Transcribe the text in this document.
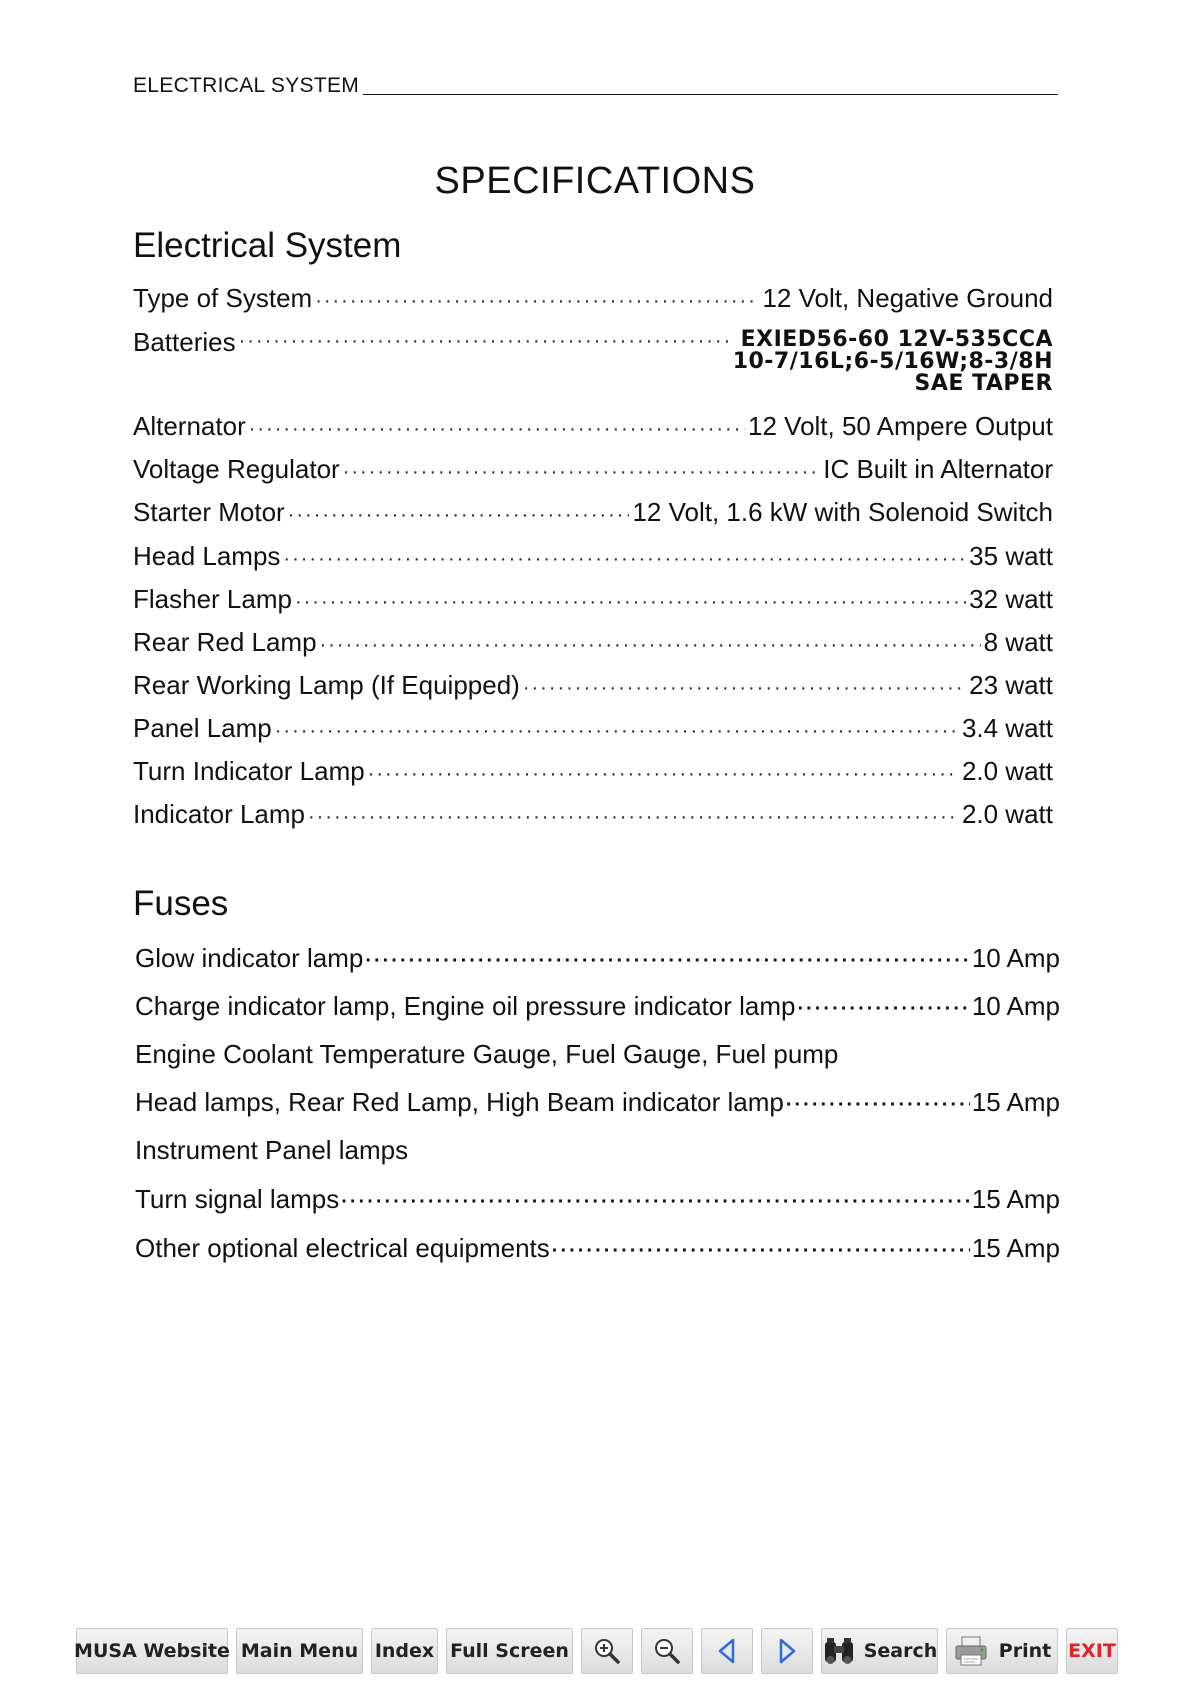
ELECTRICAL SYSTEM
SPECIFICATIONS
Electrical System
Type of System ·····	12 Volt, Negative Ground
Batteries ·····	EXIED56-60 12V-535CCA
10-7/16L;6-5/16W;8-3/8H
SAE TAPER
Alternator ·····	12 Volt, 50 Ampere Output
Voltage Regulator ·····	IC Built in Alternator
Starter Motor ·····	12 Volt, 1.6 kW with Solenoid Switch
Head Lamps ·····	35 watt
Flasher Lamp ·····	32 watt
Rear Red Lamp ·····	8 watt
Rear Working Lamp (If Equipped) ·····	23 watt
Panel Lamp ·····	3.4 watt
Turn Indicator Lamp ·····	2.0 watt
Indicator Lamp ·····	2.0 watt
Fuses
Glow indicator lamp ·····	10 Amp
Charge indicator lamp, Engine oil pressure indicator lamp ·····	10 Amp
Engine Coolant Temperature Gauge, Fuel Gauge, Fuel pump
Head lamps, Rear Red Lamp, High Beam indicator lamp ·····	15 Amp
Instrument Panel lamps
Turn signal lamps ·····	15 Amp
Other optional electrical equipments ·····	15 Amp
MUSA Website Main Menu Index Full Screen	Search	Print EXIT
